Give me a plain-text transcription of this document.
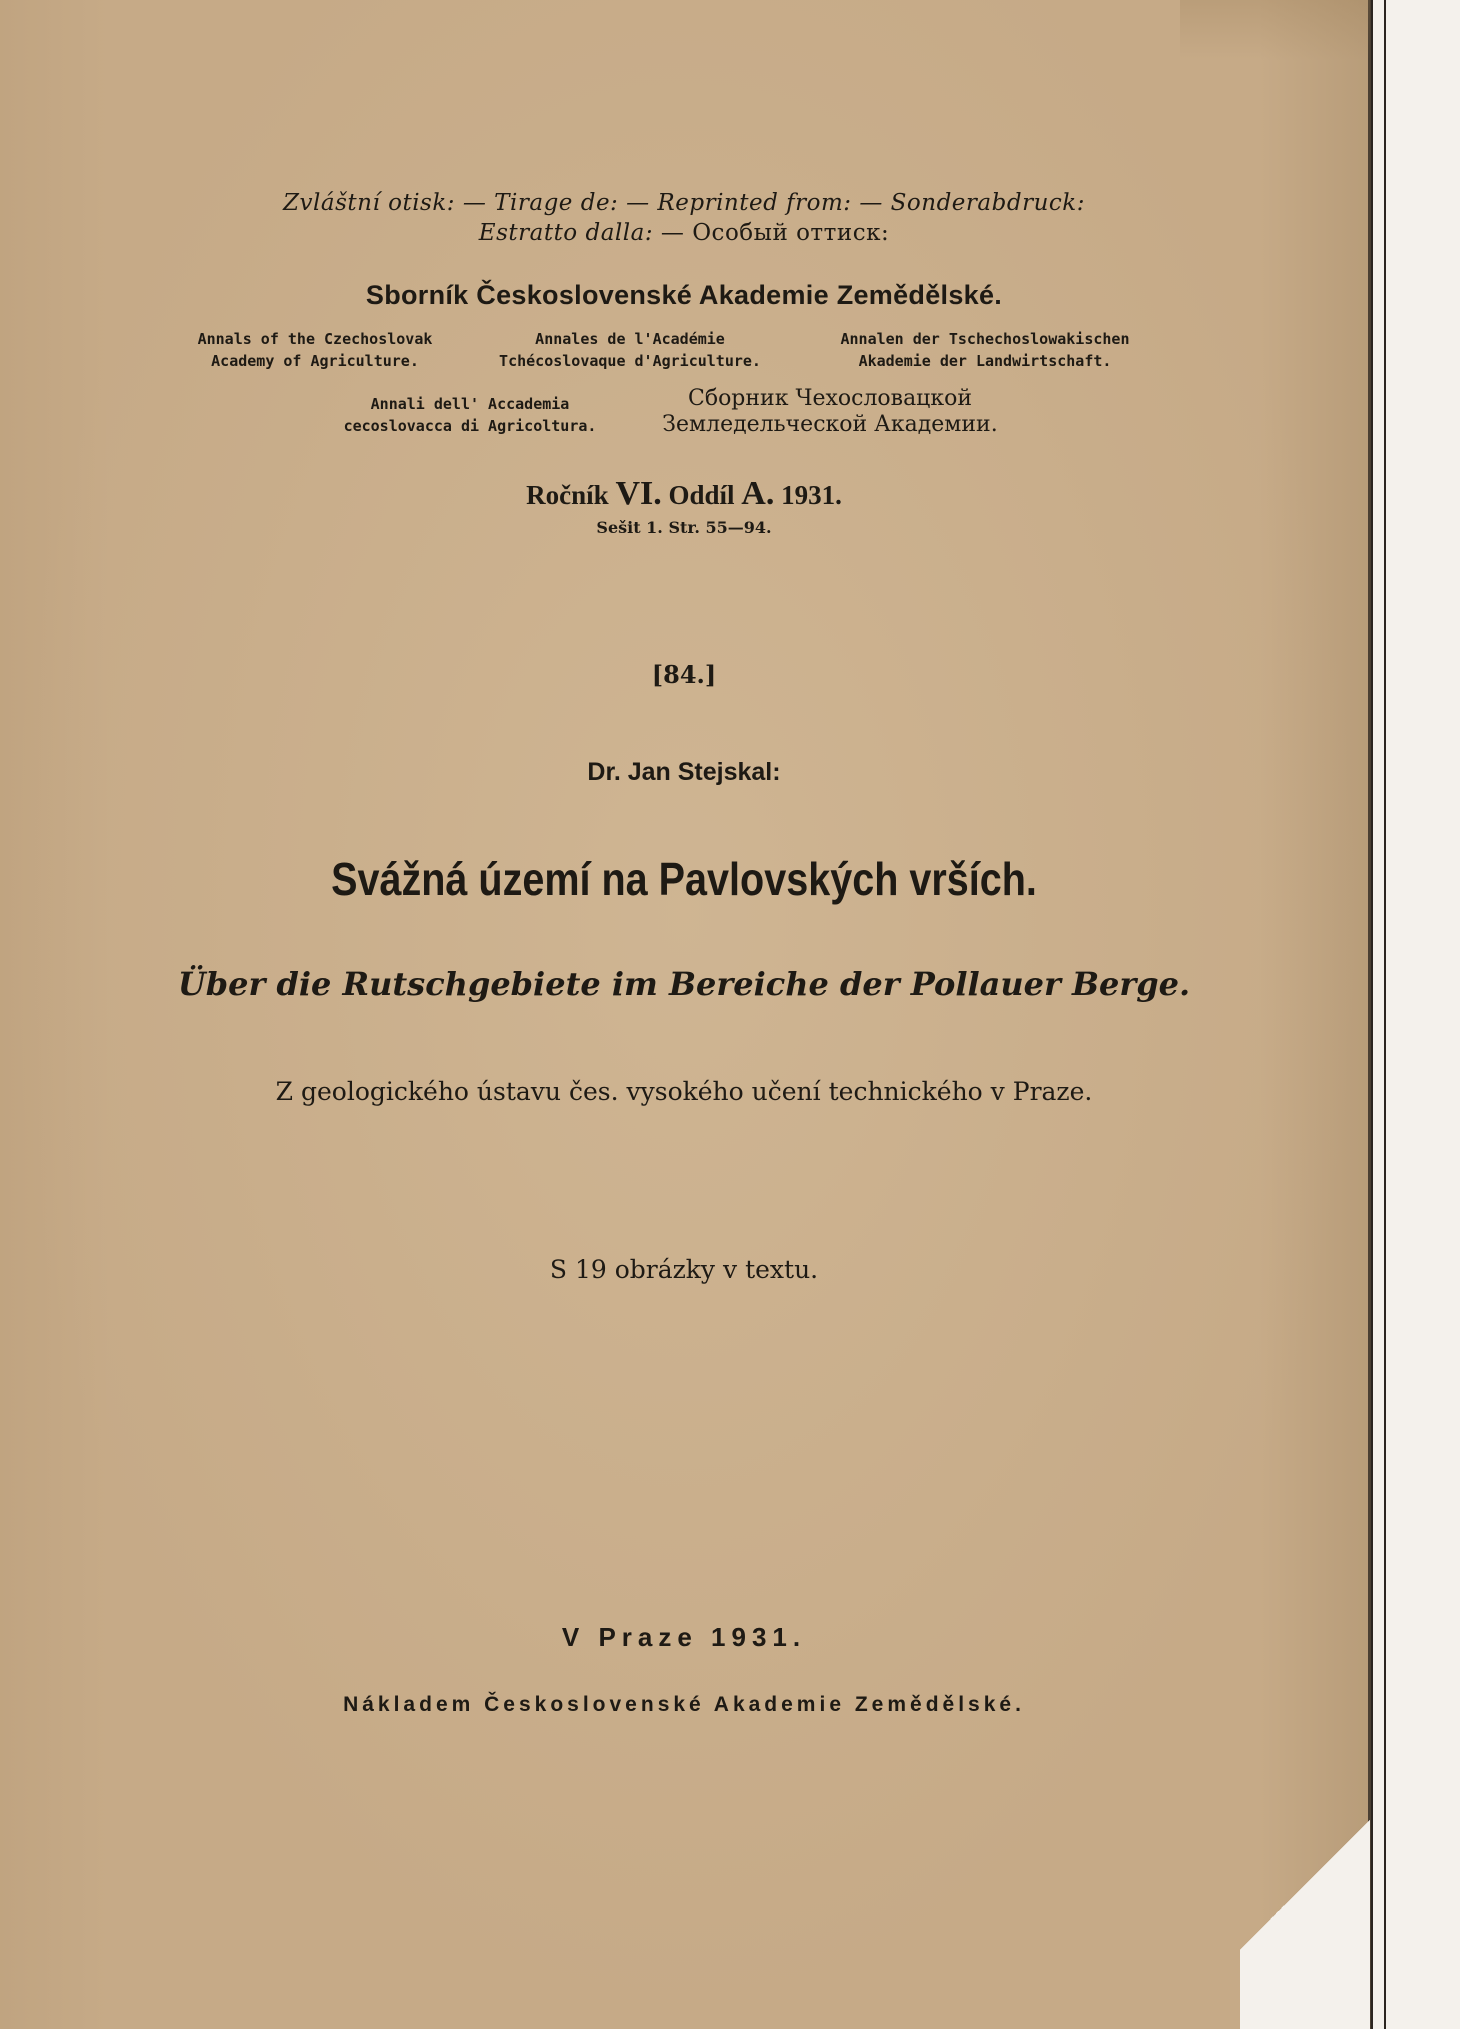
Zvláštní otisk: — Tirage de: — Reprinted from: — Sonderabdruck:

Estratto dalla: — Особый оттиск:

Sborník Československé Akademie Zemědělské.

Annals of the Czechoslovak
Academy of Agriculture.
Annales de l'Académie
Tchécoslovaque d'Agriculture.
Annalen der Tschechoslowakischen
Akademie der Landwirtschaft.
Annali dell' Accademia
cecoslovacca di Agricoltura.
Сборник Чехословацкой
Земледельческой Академии.

Ročník VI. Oddíl A. 1931.

Sešit 1. Str. 55—94.

[84.]

Dr. Jan Stejskal:

Svážná území na Pavlovských vrších.

Über die Rutschgebiete im Bereiche der Pollauer Berge.

Z geologického ústavu čes. vysokého učení technického v Praze.

S 19 obrázky v textu.

V Praze 1931.

Nákladem Československé Akademie Zemědělské.
